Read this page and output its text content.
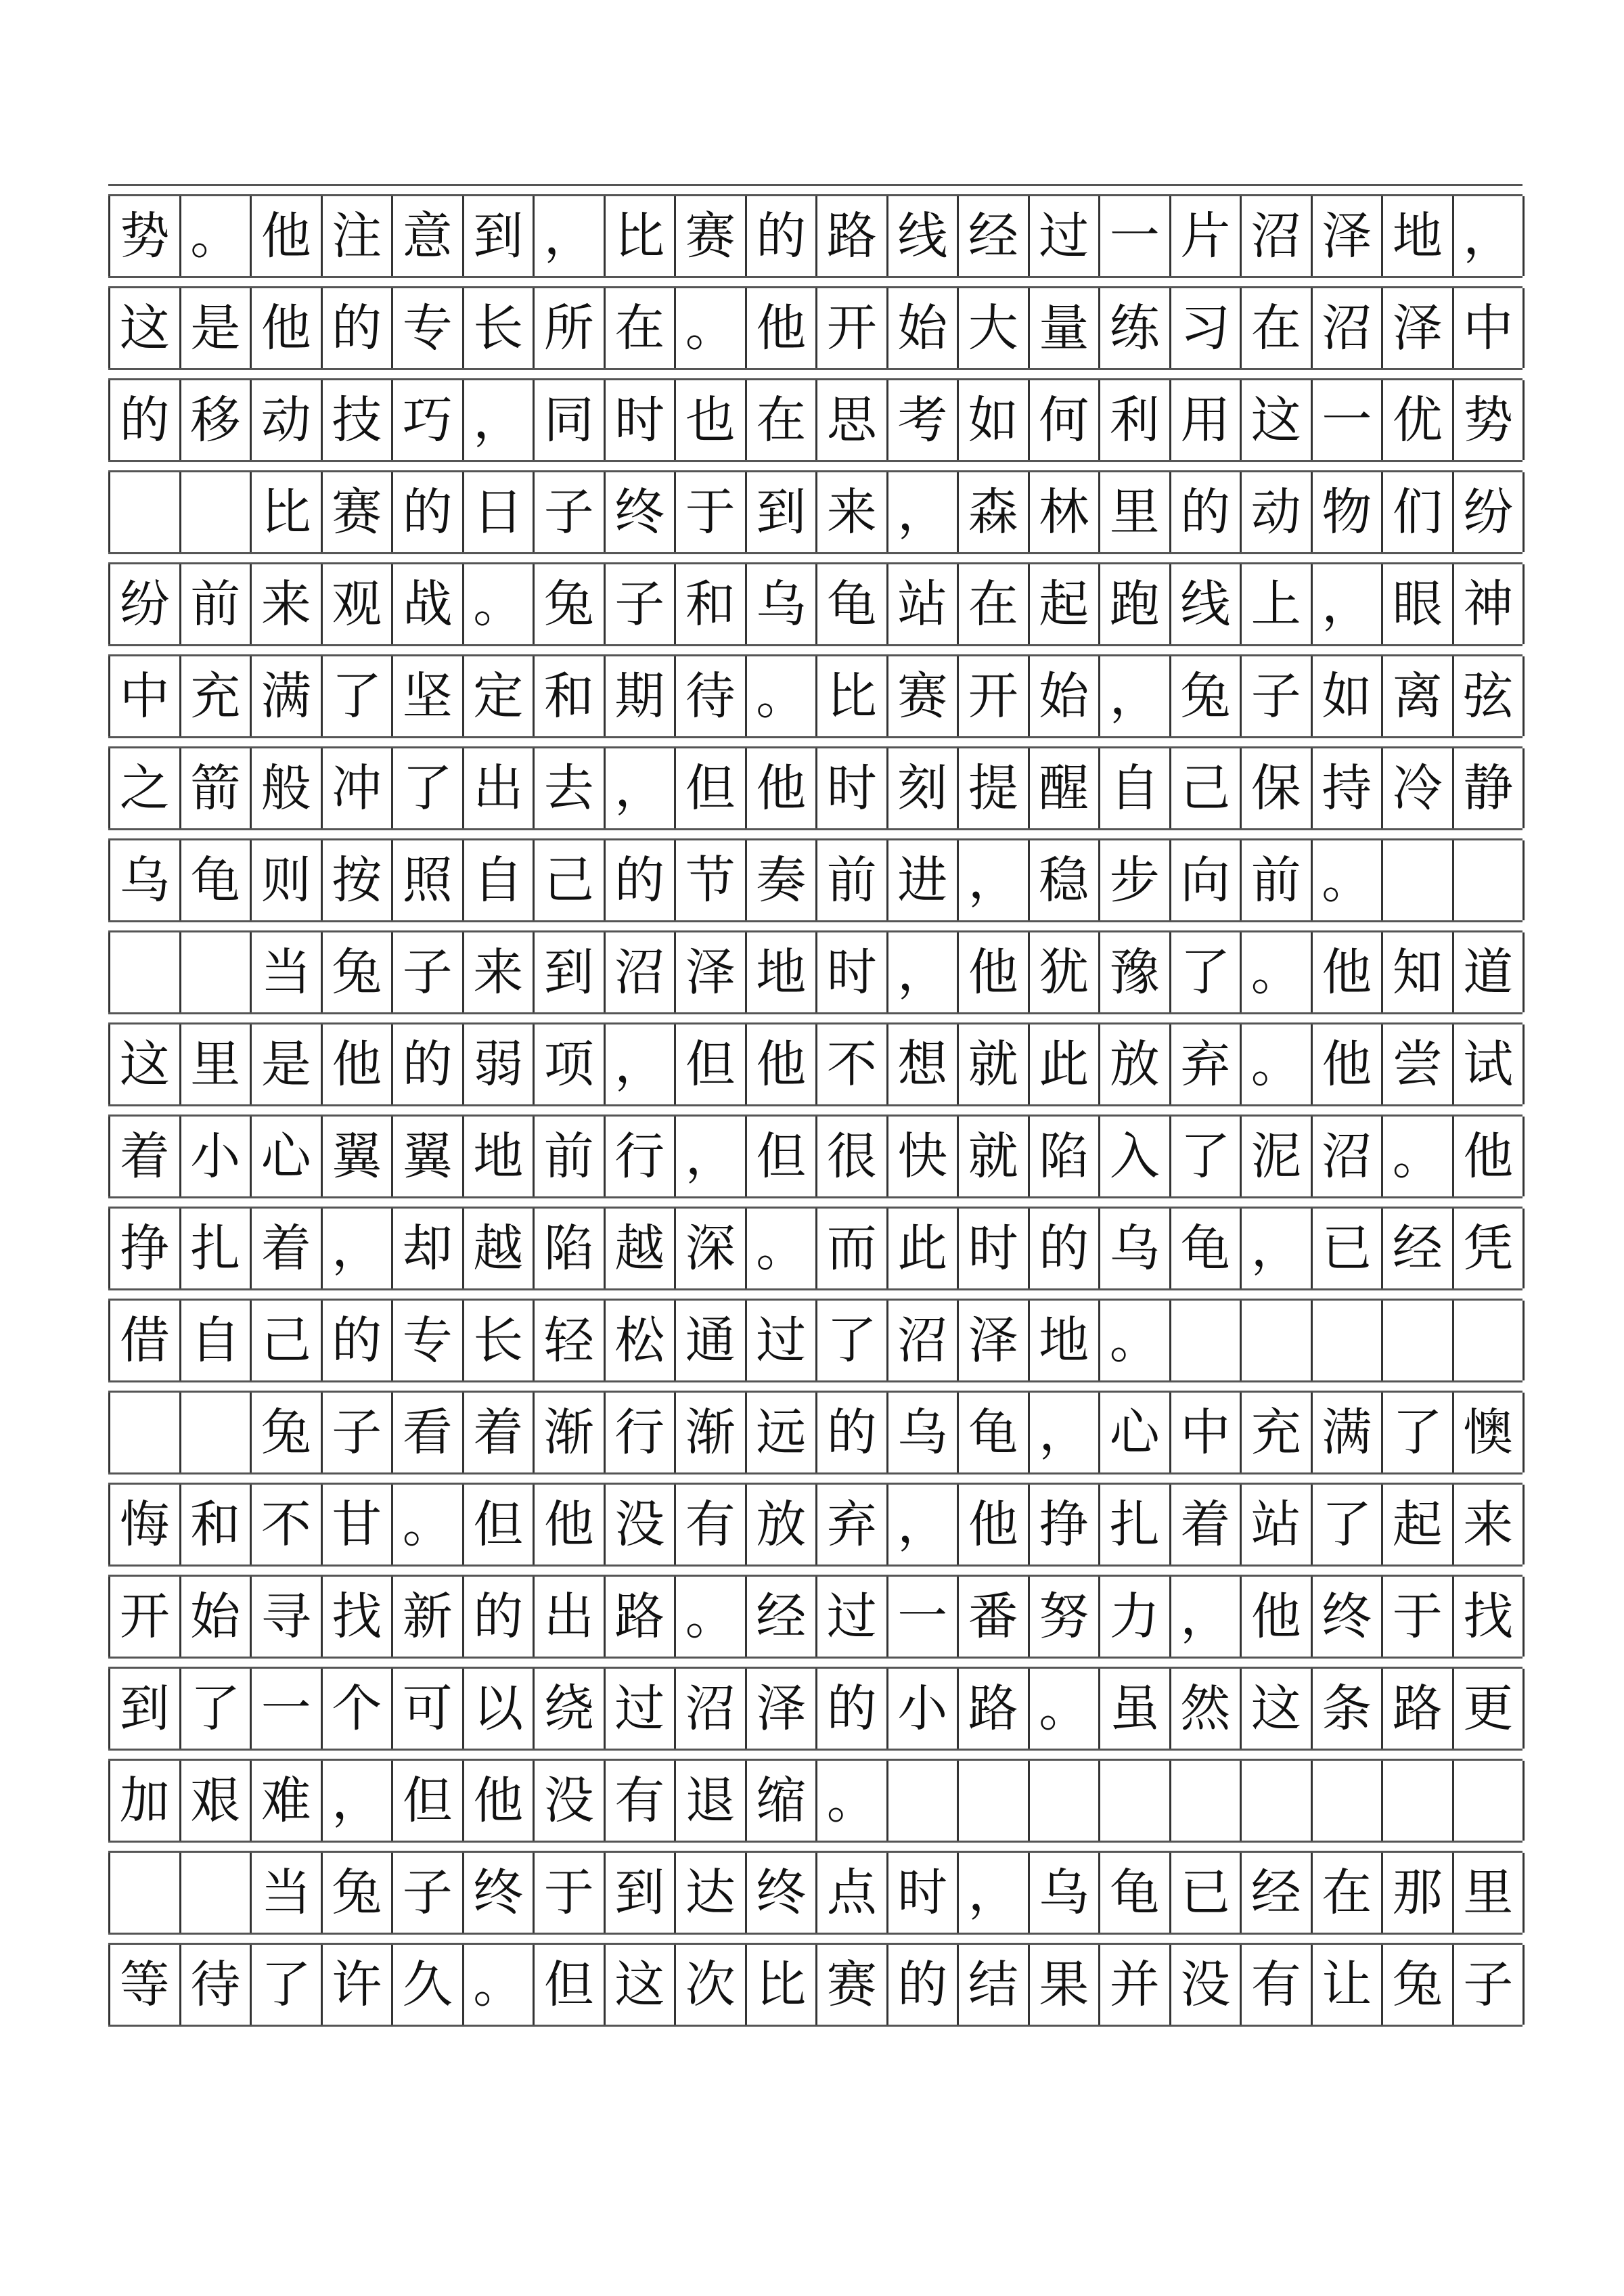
势 。 他 注 意 到 ， 比 赛 的 路 线 经 过 一 片 沼 泽 地 ，
这 是 他 的 专 长 所 在 。 他 开 始 大 量 练 习 在 沼 泽 中
的 移 动 技 巧 ， 同 时 也 在 思 考 如 何 利 用 这 一 优 势
比 赛 的 日 子 终 于 到 来 ， 森 林 里 的 动 物 们 纷
纷 前 来 观 战 。 兔 子 和 乌 龟 站 在 起 跑 线 上 ， 眼 神
中 充 满 了 坚 定 和 期 待 。 比 赛 开 始 ， 兔 子 如 离 弦
之 箭 般 冲 了 出 去 ， 但 他 时 刻 提 醒 自 己 保 持 冷 静
乌 龟 则 按 照 自 己 的 节 奏 前 进 ， 稳 步 向 前 。
当 兔 子 来 到 沼 泽 地 时 ， 他 犹 豫 了 。 他 知 道
这 里 是 他 的 弱 项 ， 但 他 不 想 就 此 放 弃 。 他 尝 试
着 小 心 翼 翼 地 前 行 ， 但 很 快 就 陷 入 了 泥 沼 。 他
挣 扎 着 ， 却 越 陷 越 深 。 而 此 时 的 乌 龟 ， 已 经 凭
借 自 己 的 专 长 轻 松 通 过 了 沼 泽 地 。
兔 子 看 着 渐 行 渐 远 的 乌 龟 ， 心 中 充 满 了 懊
悔 和 不 甘 。 但 他 没 有 放 弃 ， 他 挣 扎 着 站 了 起 来
开 始 寻 找 新 的 出 路 。 经 过 一 番 努 力 ， 他 终 于 找
到 了 一 个 可 以 绕 过 沼 泽 的 小 路 。 虽 然 这 条 路 更
加 艰 难 ， 但 他 没 有 退 缩 。
当 兔 子 终 于 到 达 终 点 时 ， 乌 龟 已 经 在 那 里
等 待 了 许 久 。 但 这 次 比 赛 的 结 果 并 没 有 让 兔 子
